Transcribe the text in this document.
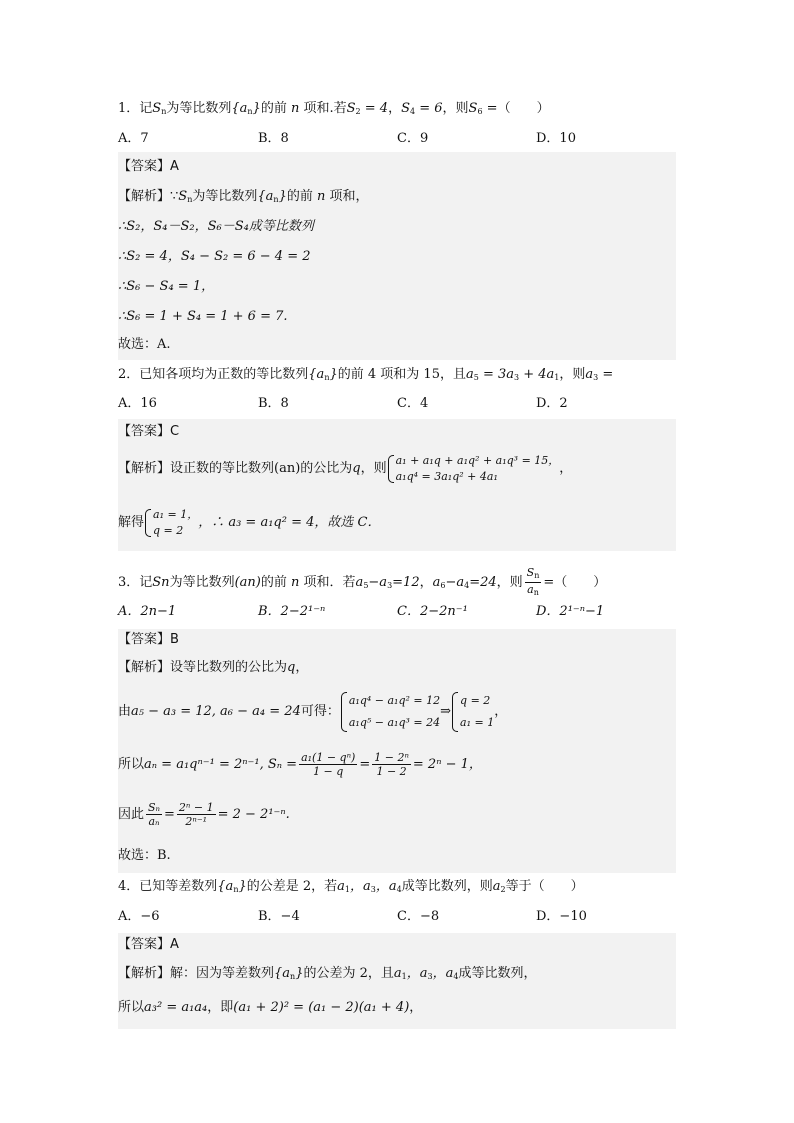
1．记$S_n$为等比数列$\{a_n\}$的前 n 项和.若$S_2 = 4$，$S_4 = 6$，则$S_6$ =（　　）
A．7	B．8	C．9	D．10
【答案】A
【解析】$\because S_n$为等比数列$\{a_n\}$的前 n 项和，
∴S₂，S₄－S₂，S₆－S₄成等比数列
∴S₂ = 4，S₄ − S₂ = 6 − 4 = 2
∴S₆ − S₄ = 1，
∴S₆ = 1 + S₄ = 1 + 6 = 7.
故选：A.
2．已知各项均为正数的等比数列$\{a_n\}$的前 4 项和为 15，且$a_5 = 3a_3 + 4a_1$，则$a_3$ =
A．16	B．8	C．4	D．2
【答案】C
【解析】设正数的等比数列(an)的公比为q，则
a₁ + a₁q + a₁q² + a₁q³ = 15，
a₁q⁴ = 3a₁q² + 4a₁	，
解得
a₁ = 1，
q = 2	，∴ a₃ = a₁q² = 4，故选 C．
3．记Sn为等比数列(an)的前 n 项和．若$a_5-a_3=12$，$a_6-a_4=24$，则 $\frac{S_n}{a_n}$ =（　　）
A．2n−1	B．2−2¹⁻ⁿ	C．2−2n⁻¹	D．2¹⁻ⁿ−1
【答案】B
【解析】设等比数列的公比为q，
由a₅ − a₃ = 12, a₆ − a₄ = 24可得：
a₁q⁴ − a₁q² = 12
a₁q⁵ − a₁q³ = 24
⇒
q = 2
a₁ = 1
，
所以aₙ = a₁qⁿ⁻¹ = 2ⁿ⁻¹, $S_n = \frac{\text{a₁(1 − qⁿ)}}{1 - q} = \frac{\text{1 − 2ⁿ}}{1 - 2} = 2^n - 1$，
因此 $\frac{\text{Sₙ}}{\text{aₙ}} = \frac{\text{2ⁿ − 1}}{\text{2ⁿ⁻¹}} = 2 - 2^{1-n}$.
故选：B.
4．已知等差数列$\{a_n\}$的公差是 2，若$a_1$，$a_3$，$a_4$成等比数列，则$a_2$等于（　　）
A．−6	B．−4	C．−8	D．−10
【答案】A
【解析】解：因为等差数列$\{a_n\}$的公差为 2，且$a_1$，$a_3$，$a_4$成等比数列，
所以a₃² = a₁a₄，即(a₁ + 2)² = (a₁ − 2)(a₁ + 4)，
